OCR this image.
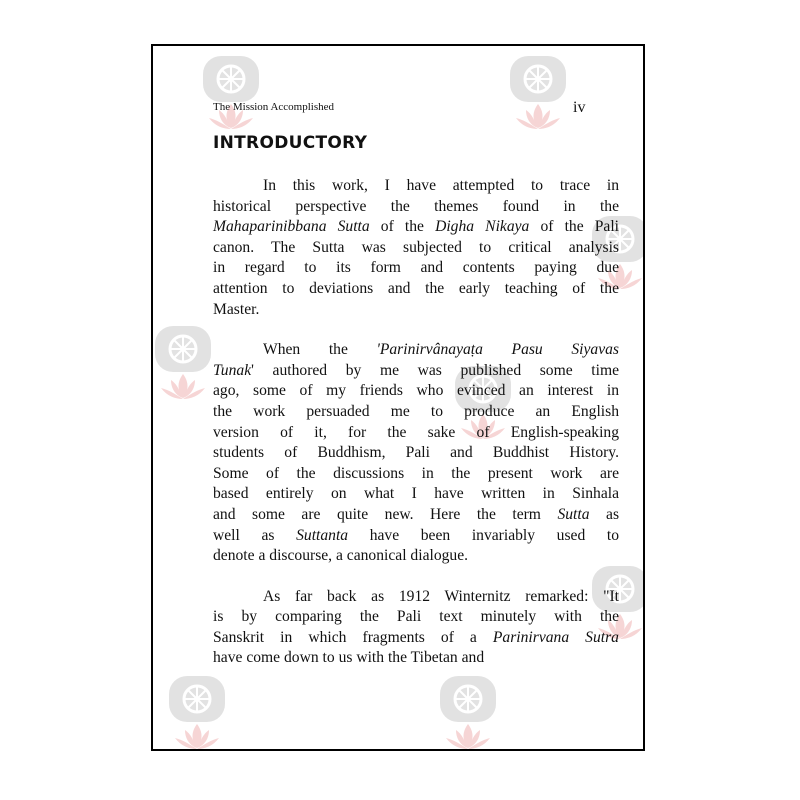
The Mission Accomplished	iv
INTRODUCTORY

In this work, I have attempted to trace in
historical perspective the themes found in the
Mahaparinibbana Sutta of the Digha Nikaya of the Pali
canon. The Sutta was subjected to critical analysis
in regard to its form and contents paying due
attention to deviations and the early teaching of the
Master.

When the 'Parinirvânayaṭa Pasu Siyavas
Tunak' authored by me was published some time
ago, some of my friends who evinced an interest in
the work persuaded me to produce an English
version of it, for the sake of English-speaking
students of Buddhism, Pali and Buddhist History.
Some of the discussions in the present work are
based entirely on what I have written in Sinhala
and some are quite new. Here the term Sutta as
well as Suttanta have been invariably used to
denote a discourse, a canonical dialogue.

As far back as 1912 Winternitz remarked: "It
is by comparing the Pali text minutely with the
Sanskrit in which fragments of a Parinirvana Sutra
have come down to us with the Tibetan and
